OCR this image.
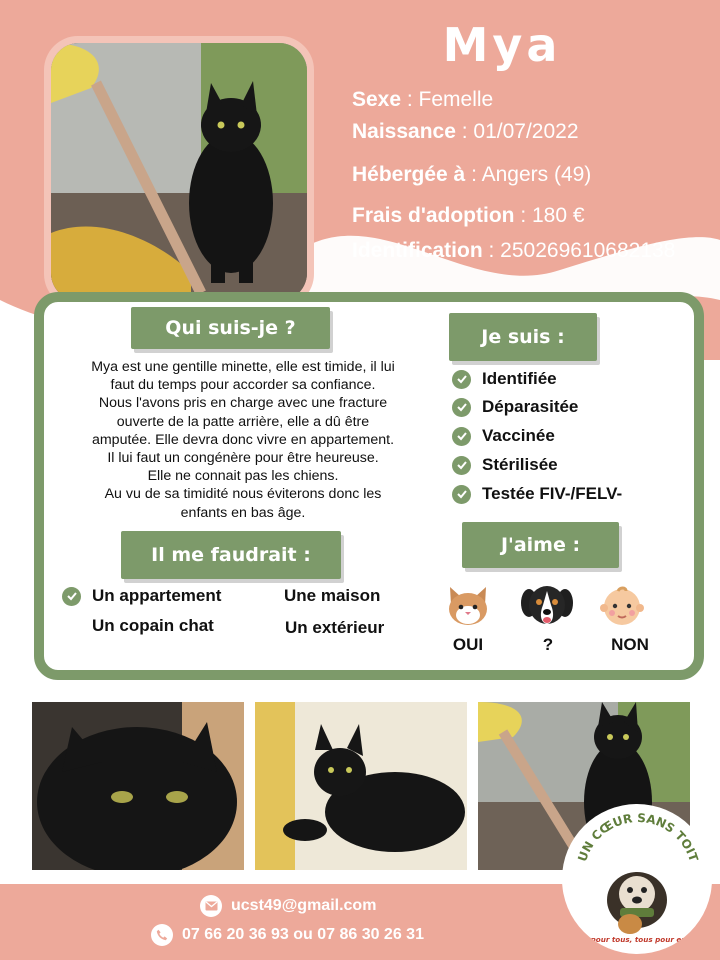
Mya
Sexe : Femelle
Naissance : 01/07/2022
Hébergée à : Angers (49)
Frais d'adoption : 180 €
Identification : 250269610682138
Qui suis-je ?
Mya est une gentille minette, elle est timide, il lui
faut du temps pour accorder sa confiance.
Nous l'avons pris en charge avec une fracture
ouverte de la patte arrière, elle a dû être
amputée. Elle devra donc vivre en appartement.
Il lui faut un congénère pour être heureuse.
Elle ne connait pas les chiens.
Au vu de sa timidité nous éviterons donc les
enfants en bas âge.
Je suis :
Identifiée
Déparasitée
Vaccinée
Stérilisée
Testée FIV-/FELV-
Il me faudrait :
Un appartement	Une maison
Un copain chat	Un extérieur
J'aime :
OUI	?	NON
ucst49@gmail.com
07 66 20 36 93 ou 07 86 30 26 31
UN CŒUR SANS TOIT
Un pour tous, tous pour eux !
